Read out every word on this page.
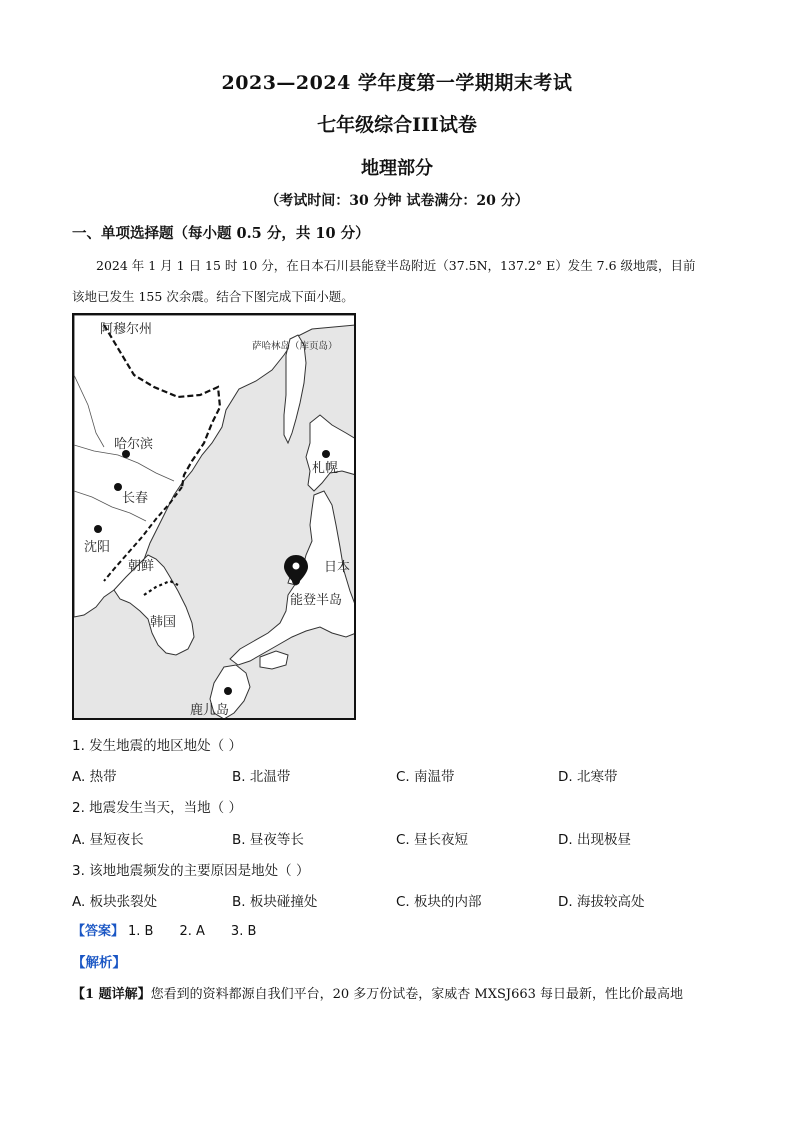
2023—2024 学年度第一学期期末考试
七年级综合III试卷
地理部分
（考试时间：30 分钟 试卷满分：20 分）
一、单项选择题（每小题 0.5 分，共 10 分）

2024 年 1 月 1 日 15 时 10 分，在日本石川县能登半岛附近（37.5N，137.2° E）发生 7.6 级地震，目前

该地已发生 155 次余震。结合下图完成下面小题。

阿穆尔州
萨哈林岛（库页岛）
哈尔滨
长春
沈阳
札幌
朝鲜	日本
能登半岛
韩国
鹿儿岛
1. 发生地震的地区地处（ ）
A. 热带	B. 北温带	C. 南温带	D. 北寒带
2. 地震发生当天，当地（ ）
A. 昼短夜长	B. 昼夜等长	C. 昼长夜短	D. 出现极昼
3. 该地地震频发的主要原因是地处（ ）
A. 板块张裂处	B. 板块碰撞处	C. 板块的内部	D. 海拔较高处
【答案】 1. B 2. A 3. B
【解析】
【1 题详解】您看到的资料都源自我们平台，20 多万份试卷，家威杏 MXSJ663 每日最新，性比价最高地
